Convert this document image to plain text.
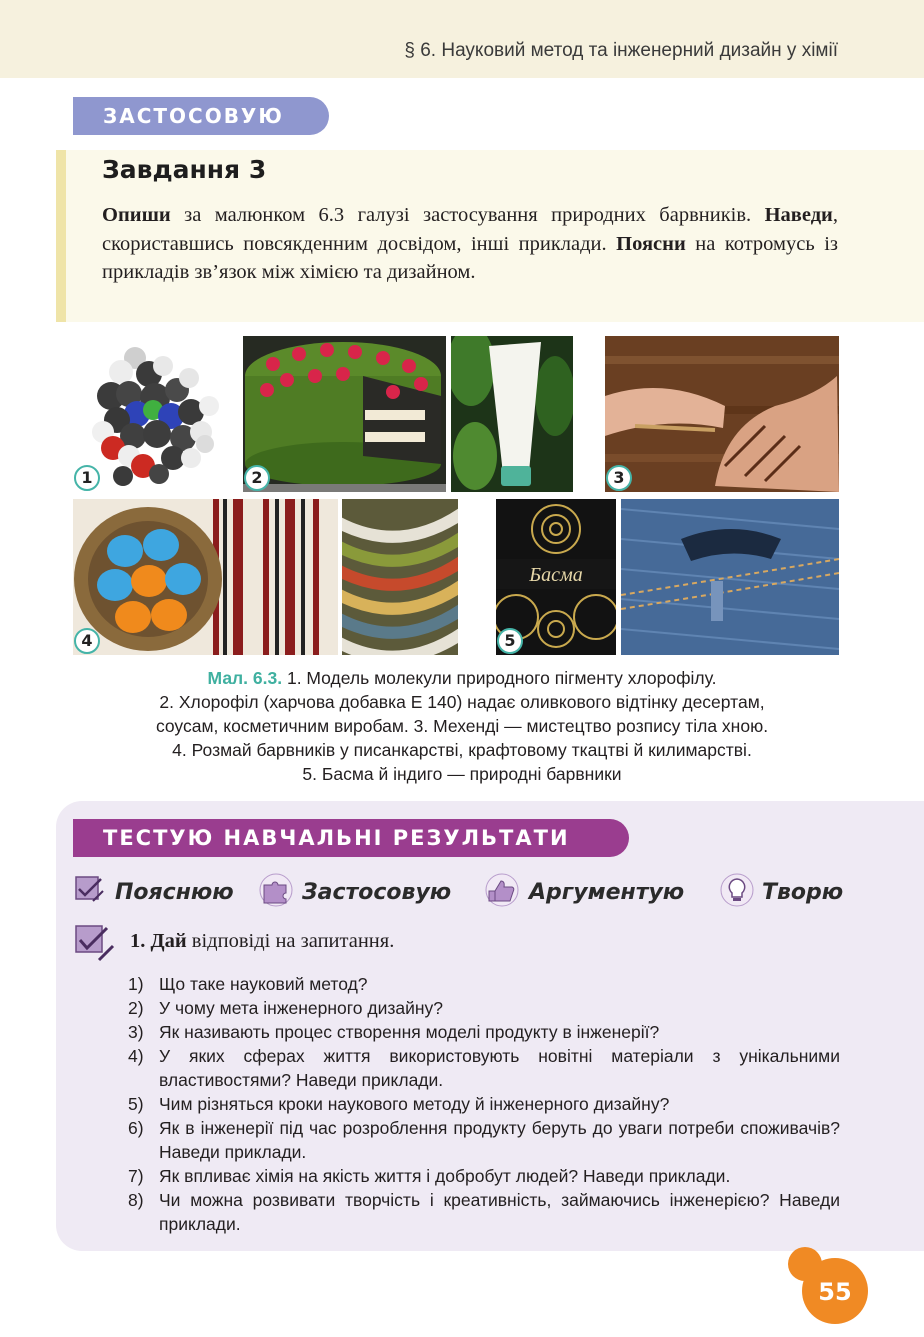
§ 6. Науковий метод та інженерний дизайн у хімії
ЗАСТОСОВУЮ
Завдання 3
Опиши за малюнком 6.3 галузі застосування природних барвників. Наведи, скориставшись повсякденним досвідом, інші приклади. Поясни на котромусь із прикладів зв’язок між хімією та дизайном.
1	2	3
4
Басма
5
Мал. 6.3. 1. Модель молекули природного пігменту хлорофілу.
2. Хлорофіл (харчова добавка Е 140) надає оливкового відтінку десертам,
соусам, косметичним виробам. 3. Мехенді — мистецтво розпису тіла хною.
4. Розмай барвників у писанкарстві, крафтовому ткацтві й килимарстві.
5. Басма й індиго — природні барвники
ТЕСТУЮ НАВЧАЛЬНІ РЕЗУЛЬТАТИ
Пояснюю	Застосовую	Аргументую	Творю
1. Дай відповіді на запитання.
1) Що таке науковий метод?
2) У чому мета інженерного дизайну?
3) Як називають процес створення моделі продукту в інженерії?
4) У яких сферах життя використовують новітні матеріали з унікальними властивостями? Наведи приклади.
5) Чим різняться кроки наукового методу й інженерного дизайну?
6) Як в інженерії під час розроблення продукту беруть до уваги потреби споживачів? Наведи приклади.
7) Як впливає хімія на якість життя і добробут людей? Наведи приклади.
8) Чи можна розвивати творчість і креативність, займаючись інженерією? Наведи приклади.
55
